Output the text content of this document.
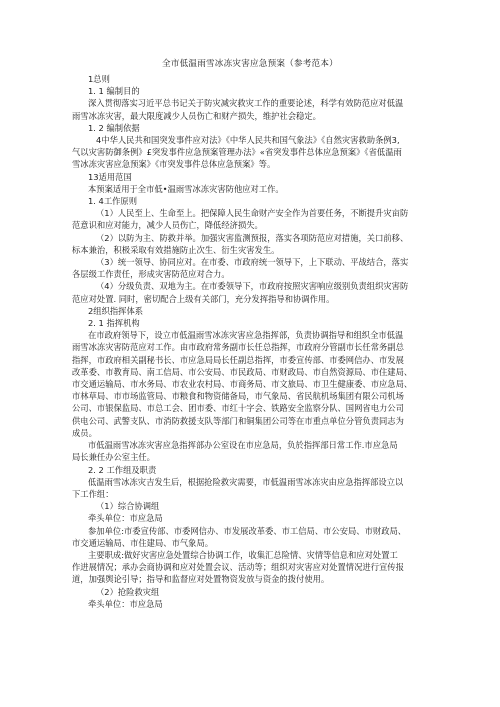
全市低温雨雪冰冻灾害应急预案（参考范本）

1总则

1. 1 编制目的

深入贯彻落实习近平总书记关于防灾减灾救灾工作的重要论述，科学有效防范应对低温

雨雪冰冻灾害，最大限度减少人员伤亡和财产损失，维护社会稳定。

1. 2 编制依据

4中华人民共和国突发事件应对法》《中华人民共和国气象法》《自然灾害救助条例3,

气以灾害防御条例》£突发事件应急预案管理办法》«省突发事件总体应急预案》《省低温雨

雪冰冻灾害应急预案》《市突发事件总体应急预案》等。

13适用范国

本预案适用于全市低•温雨雪冰冻灾害防他应对工作。

1. 4工作原则

（1）人民至上、生命至上。把保障人民生命财产安全作为首要任务，不断提升灾亩防

范意识和应对能力，减少人员伤亡，降低经济损失。

（2）以防为主、防救并举。加强灾害监测预报，落实各项防范应对措施，关口前移、

标本兼治，积极采取有效措施防止次生、衍生灾害发生。

（3）统一领导、协同应对。在市委、市政府统一领导下，上下联动、平战结合，落实

各层级工作责任，形成灾害防范应对合力。

（4）分级负责、双地为主。在市委领导下，市政府按照灾害响应级别负责组织灾害防

范应对处置. 同时，密切配合上级有关部门，充分发挥指导和协调作用。

2组织指挥体系

2. 1 指挥机构

在市政府领导下，设立市低温雨雪冰冻灾害应急指挥部，负责协调指导和组织全市低温

雨雪冰冻灾害防范应对工作。由市政府常务副市长任总指挥，市政府分管副市长任常务副总

指挥，市政府相关副秘书长、市应急局局长任副总指挥，市委宣传部、市委网信办、市发展

改革委、市教育局、南工信局、市公安局、市民政局、市财政局、市自然资源局、市住建局、

市交通运输局、市水务局、市农业农村局、市商务局、市文旅局、市卫生健康委、市应急局、

市林草局、市市场监管局、市粮食和物资储备局，市气象局、省民航机场集团有限公司机场

公司、市银保监局、市总工会、团市委、市红十字会、铁路安全监察分队、国网省电力公司

供电公司、武警支队、市消防救援支队等部门和铜集团公司等在市重点单位分管负责同志为

成员。

市低温雨雪冰冻灾害应急指挥部办公室设在市应急局，负於指挥部日常工作.市应急局

局长兼任办公室主任。

2. 2 工作组及职责

低温雨雪冰冻灾吉发生后，根据抢险救灾需要，市低温雨雪冰冻灾由应急指挥部设立以

下工作组：

（1）综合协调组

牵头单位：市应急局

参加单位:市委宣传部、市委网信办、市发展改革委、市工信局、市公安局、市财政局、

市交通运输局、市住建局、市气象局。

主要职成:做好灾害应急处置综合协调工作，收集汇总险情、灾情等信息和应对处置工

作进展情况；承办会商协调和应对处置会议、活动等；组织对灾害应对处置情况进行宣传报

道，加强舆论引导；指导和监督应对处置物资发放与资金的拨付使用。

（2）抢险救灾组

牵头单位：市应急局
